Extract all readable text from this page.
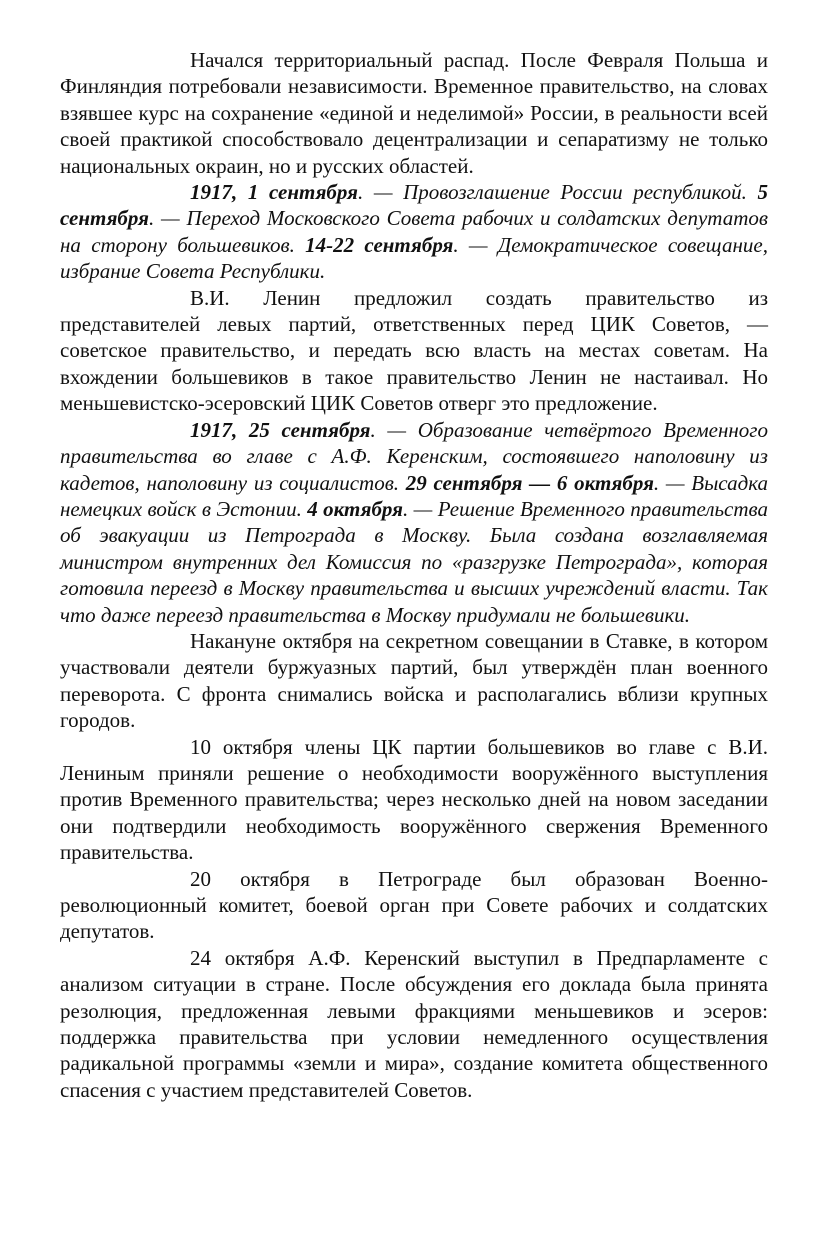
Начался территориальный распад. После Февраля Польша и Финляндия потребовали независимости. Временное правительство, на словах взявшее курс на сохранение «единой и неделимой» России, в реальности всей своей практикой способствовало децентрализации и сепаратизму не только национальных окраин, но и русских областей.

1917, 1 сентября. — Провозглашение России республикой. 5 сентября. — Переход Московского Совета рабочих и солдатских депутатов на сторону большевиков. 14-22 сентября. — Демократическое совещание, избрание Совета Республики.

В.И. Ленин предложил создать правительство из представителей левых партий, ответственных перед ЦИК Советов, — советское правительство, и передать всю власть на местах советам. На вхождении большевиков в такое правительство Ленин не настаивал. Но меньшевистско-эсеровский ЦИК Советов отверг это предложение.

1917, 25 сентября. — Образование четвёртого Временного правительства во главе с А.Ф. Керенским, состоявшего наполовину из кадетов, наполовину из социалистов. 29 сентября — 6 октября. — Высадка немецких войск в Эстонии. 4 октября. — Решение Временного правительства об эвакуации из Петрограда в Москву. Была создана возглавляемая министром внутренних дел Комиссия по «разгрузке Петрограда», которая готовила переезд в Москву правительства и высших учреждений власти. Так что даже переезд правительства в Москву придумали не большевики.

Накануне октября на секретном совещании в Ставке, в котором участвовали деятели буржуазных партий, был утверждён план военного переворота. С фронта снимались войска и располагались вблизи крупных городов.

10 октября члены ЦК партии большевиков во главе с В.И. Лениным приняли решение о необходимости вооружённого выступления против Временного правительства; через несколько дней на новом заседании они подтвердили необходимость вооружённого свержения Временного правительства.

20 октября в Петрограде был образован Военно-революционный комитет, боевой орган при Совете рабочих и солдатских депутатов.

24 октября А.Ф. Керенский выступил в Предпарламенте с анализом ситуации в стране. После обсуждения его доклада была принята резолюция, предложенная левыми фракциями меньшевиков и эсеров: поддержка правительства при условии немедленного осуществления радикальной программы «земли и мира», создание комитета общественного спасения с участием представителей Советов.
